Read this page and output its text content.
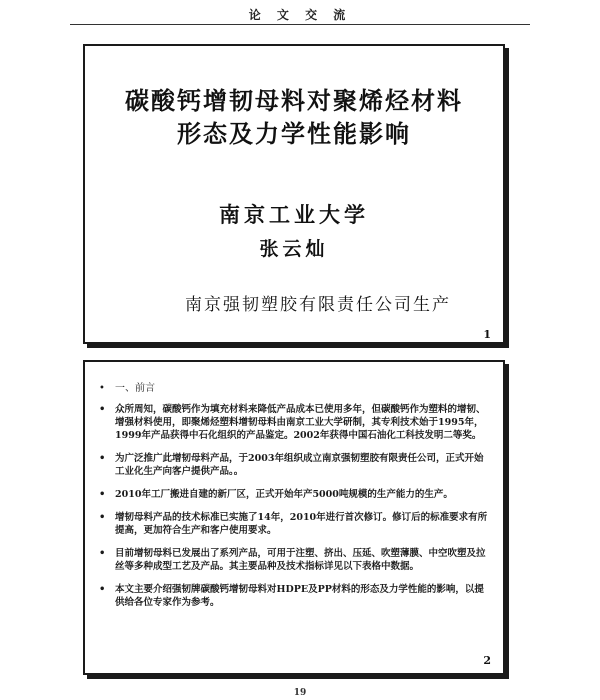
论 文 交 流
碳酸钙增韧母料对聚烯烃材料
形态及力学性能影响
南京工业大学
张云灿
南京强韧塑胶有限责任公司生产
1
• 一、前言
• 众所周知，碳酸钙作为填充材料来降低产品成本已使用多年，但碳酸钙作为塑料的增韧、增强材料使用，即聚烯烃塑料增韧母料由南京工业大学研制，其专利技术始于1995年，1999年产品获得中石化组织的产品鉴定。2002年获得中国石油化工科技发明二等奖。
• 为广泛推广此增韧母料产品，于2003年组织成立南京强韧塑胶有限责任公司，正式开始工业化生产向客户提供产品。。
• 2010年工厂搬进自建的新厂区，正式开始年产5000吨规模的生产能力的生产。
• 增韧母料产品的技术标准已实施了14年，2010年进行首次修订。修订后的标准要求有所提高，更加符合生产和客户使用要求。
• 目前增韧母料已发展出了系列产品，可用于注塑、挤出、压延、吹塑薄膜、中空吹塑及拉丝等多种成型工艺及产品。其主要品种及技术指标详见以下表格中数据。
• 本文主要介绍强韧牌碳酸钙增韧母料对HDPE及PP材料的形态及力学性能的影响，以提供给各位专家作为参考。
2
19
